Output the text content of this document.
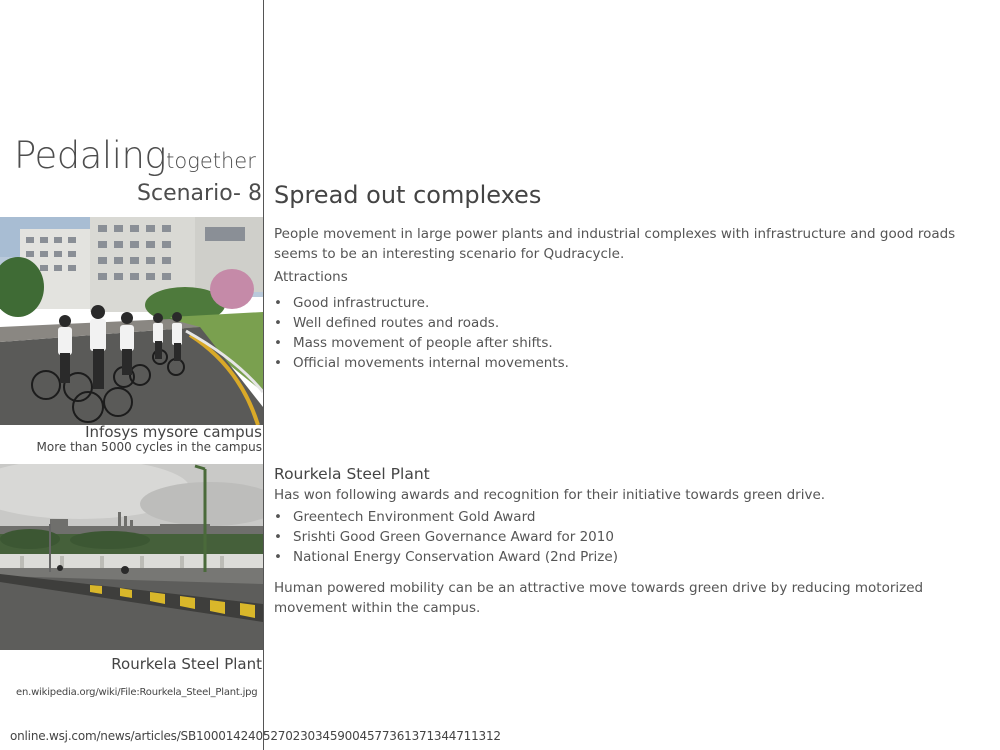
Pedalingtogether
Scenario- 8
Infosys mysore campus
More than 5000 cycles in the campus
Rourkela Steel Plant
en.wikipedia.org/wiki/File:Rourkela_Steel_Plant.jpg
online.wsj.com/news/articles/SB10001424052702303459004577361371344711312
Spread out complexes
People movement in large power plants and industrial complexes with infrastructure and good roads seems to be an interesting scenario for Qudracycle.
Attractions
• Good infrastructure.
• Well defined routes and roads.
• Mass movement of people after shifts.
• Official movements internal movements.
Rourkela Steel Plant
Has won following awards and recognition for their initiative towards green drive.
• Greentech Environment Gold Award
• Srishti Good Green Governance Award for 2010
• National Energy Conservation Award (2nd Prize)
Human powered mobility can be an attractive move towards green drive by reducing motorized movement within the campus.
